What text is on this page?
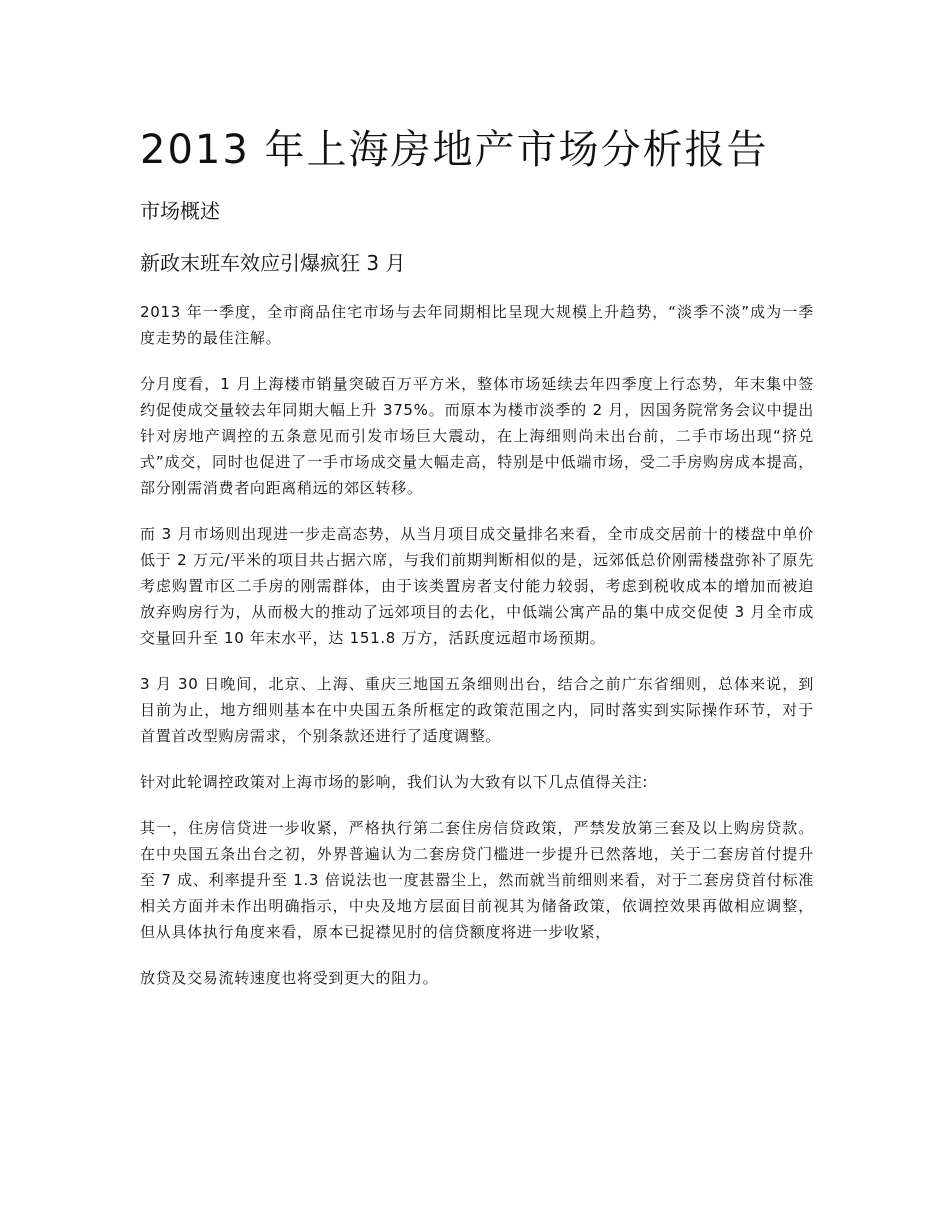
2013 年上海房地产市场分析报告
市场概述
新政末班车效应引爆疯狂 3 月

2013 年一季度，全市商品住宅市场与去年同期相比呈现大规模上升趋势，“淡季不淡”成为一季度走势的最佳注解。

分月度看，1 月上海楼市销量突破百万平方米，整体市场延续去年四季度上行态势，年末集中签约促使成交量较去年同期大幅上升 375%。而原本为楼市淡季的 2 月，因国务院常务会议中提出针对房地产调控的五条意见而引发市场巨大震动，在上海细则尚未出台前，二手市场出现“挤兑式”成交，同时也促进了一手市场成交量大幅走高，特别是中低端市场，受二手房购房成本提高，部分刚需消费者向距离稍远的郊区转移。

而 3 月市场则出现进一步走高态势，从当月项目成交量排名来看，全市成交居前十的楼盘中单价低于 2 万元/平米的项目共占据六席，与我们前期判断相似的是，远郊低总价刚需楼盘弥补了原先考虑购置市区二手房的刚需群体，由于该类置房者支付能力较弱，考虑到税收成本的增加而被迫放弃购房行为，从而极大的推动了远郊项目的去化，中低端公寓产品的集中成交促使 3 月全市成交量回升至 10 年末水平，达 151.8 万方，活跃度远超市场预期。

3 月 30 日晚间，北京、上海、重庆三地国五条细则出台，结合之前广东省细则，总体来说，到目前为止，地方细则基本在中央国五条所框定的政策范围之内，同时落实到实际操作环节，对于首置首改型购房需求，个别条款还进行了适度调整。

针对此轮调控政策对上海市场的影响，我们认为大致有以下几点值得关注:

其一，住房信贷进一步收紧，严格执行第二套住房信贷政策，严禁发放第三套及以上购房贷款。在中央国五条出台之初，外界普遍认为二套房贷门槛进一步提升已然落地，关于二套房首付提升至 7 成、利率提升至 1.3 倍说法也一度甚嚣尘上，然而就当前细则来看，对于二套房贷首付标准相关方面并未作出明确指示，中央及地方层面目前视其为储备政策，依调控效果再做相应调整，但从具体执行角度来看，原本已捉襟见肘的信贷额度将进一步收紧，

放贷及交易流转速度也将受到更大的阻力。
